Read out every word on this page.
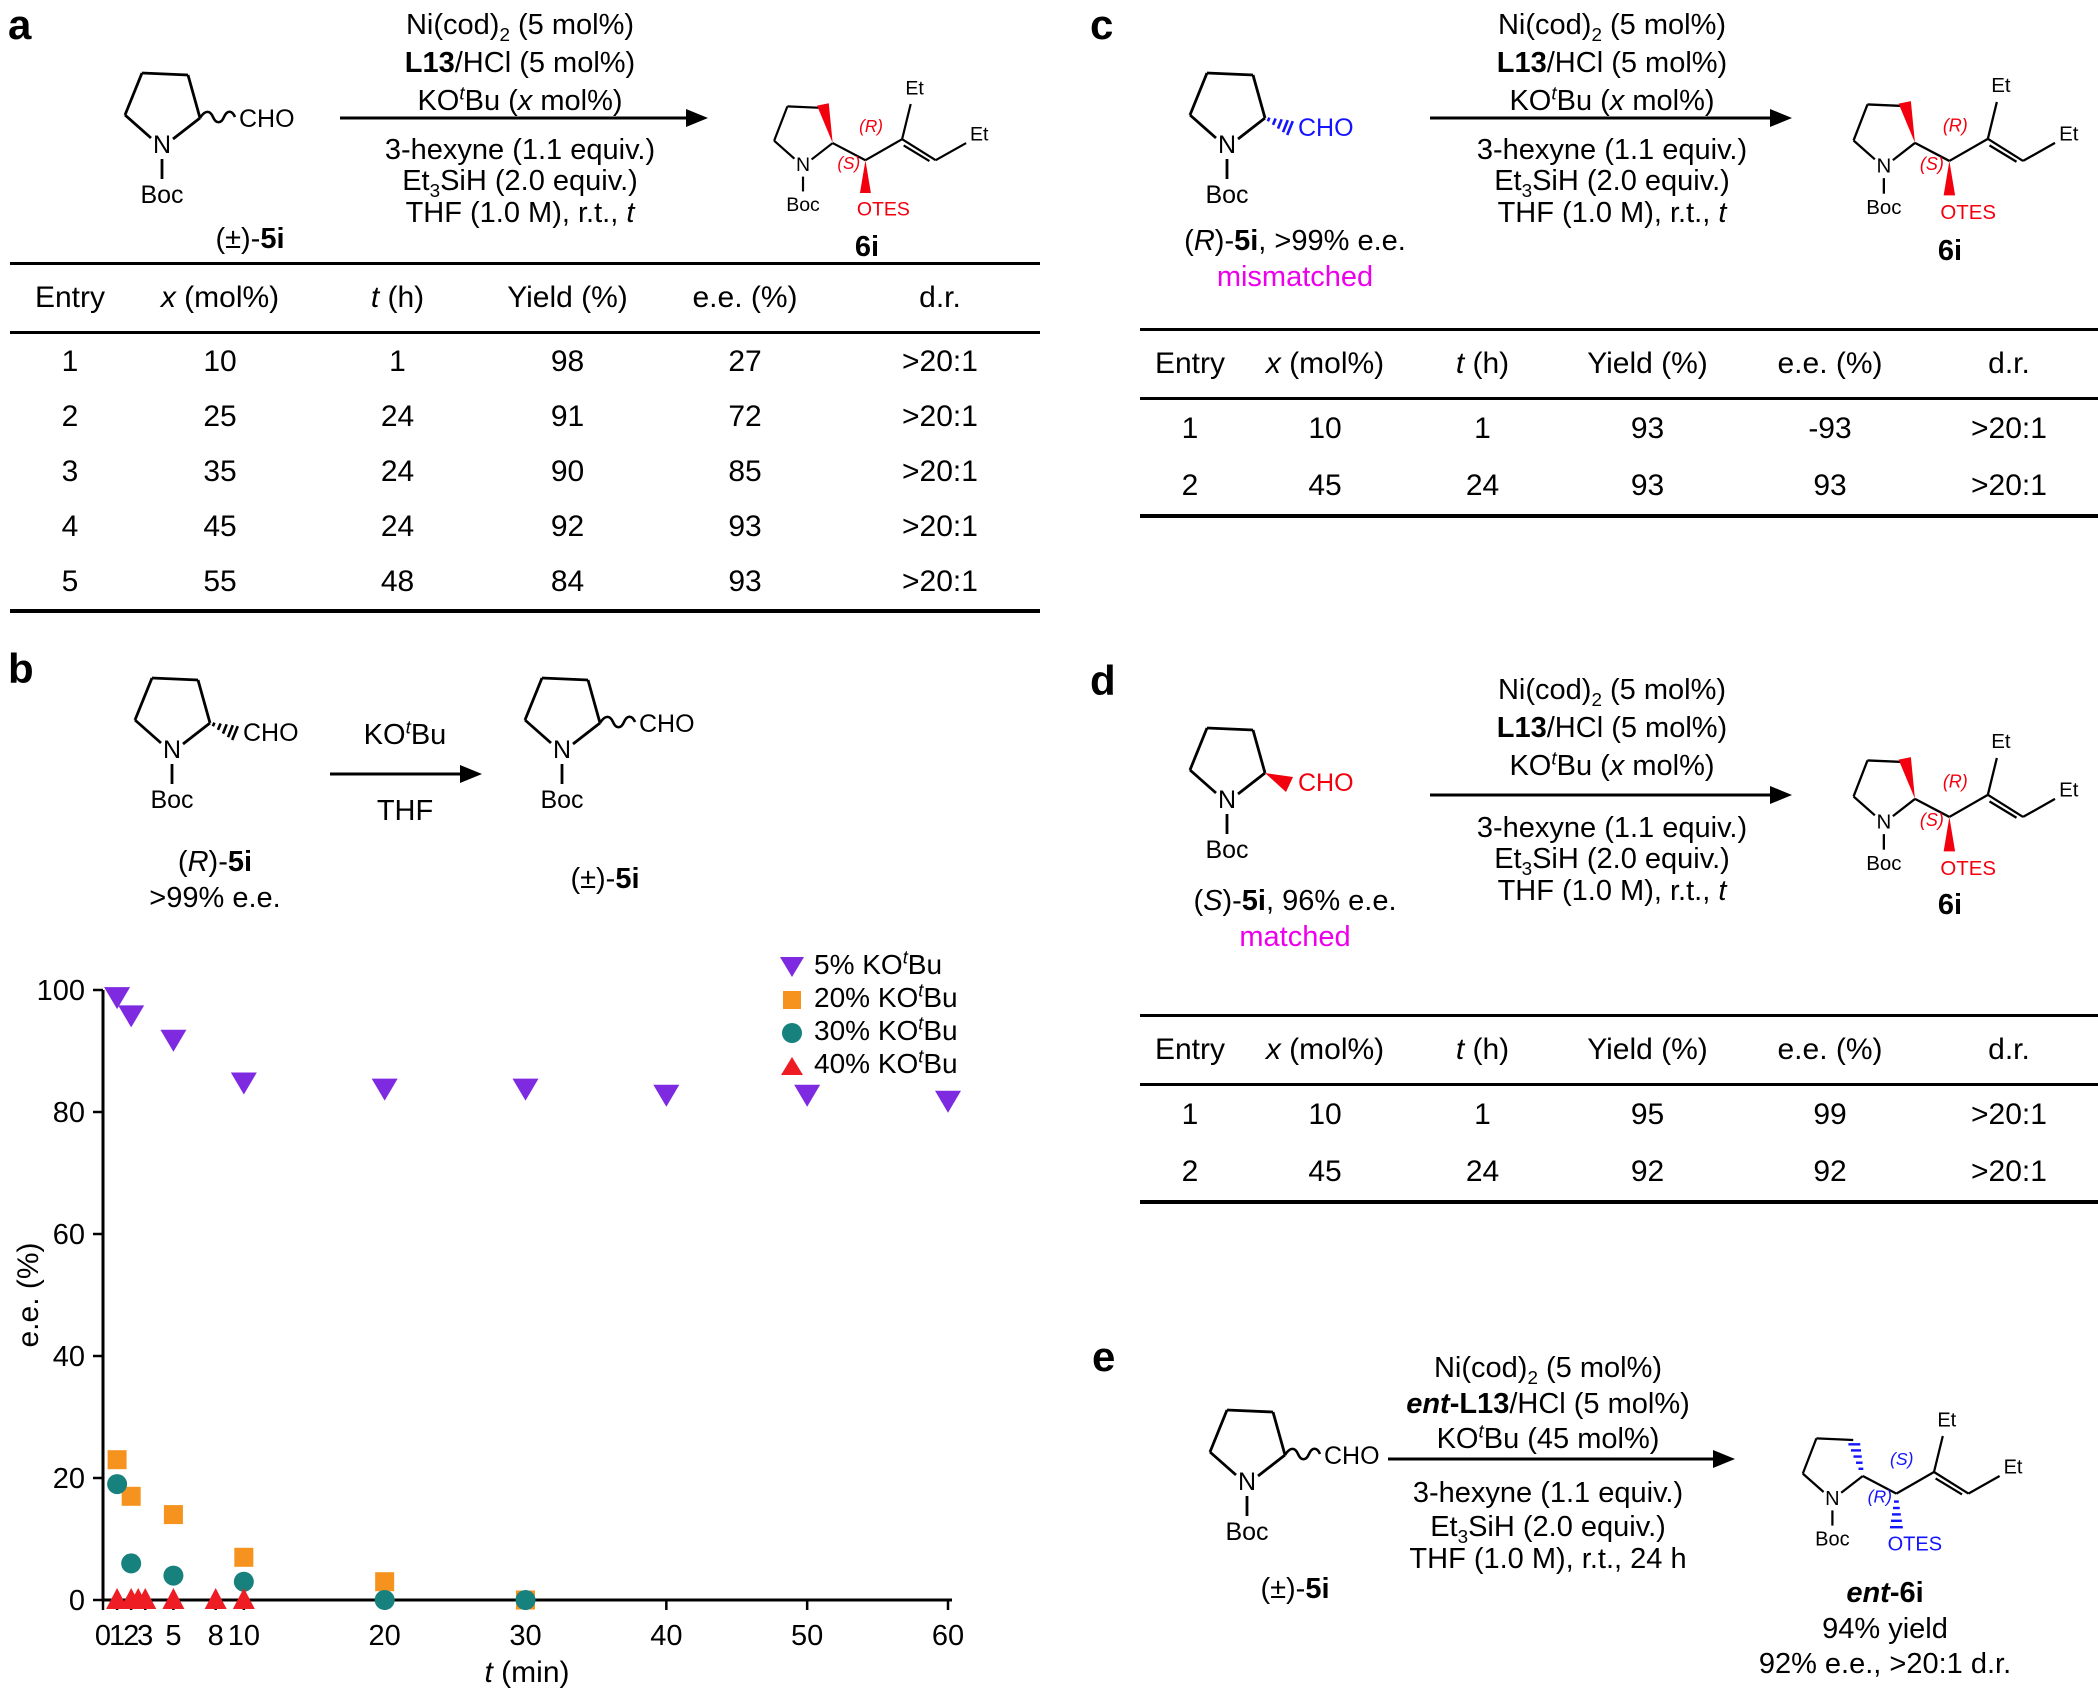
a
N
Boc
CHO
(±)-5i
$Ni(cod)_2$ (5 mol%)
L13/HCl (5 mol%)
$KO^tBu$ (x mol%)
3-hexyne (1.1 equiv.)
$Et_3SiH$ (2.0 equiv.)
THF (1.0 M), r.t., t
N
Boc
(S)
(R)
OTES
Et
Et
6i
Entry	x (mol%)	t (h)	Yield (%)	e.e. (%)	d.r.
1	10	1	98	27	>20:1
2	25	24	91	72	>20:1
3	35	24	90	85	>20:1
4	45	24	92	93	>20:1
5	55	48	84	93	>20:1
b
N
Boc
CHO
(R)-5i
>99% e.e.
$KO^tBu$
THF
N
Boc
CHO
(±)-5i
0
20
40
60
80
100
0
1
2
3 5 8 10	20	30	40	50	60
e.e. (%)
t (min)
5% $KO^tBu$
20% $KO^tBu$
30% $KO^tBu$
40% $KO^tBu$
c
N
Boc
CHO
(R)-5i, >99% e.e.
mismatched
$Ni(cod)_2$ (5 mol%)
L13/HCl (5 mol%)
$KO^tBu$ (x mol%)
3-hexyne (1.1 equiv.)
$Et_3SiH$ (2.0 equiv.)
THF (1.0 M), r.t., t
N
Boc
(S)
(R)
OTES
Et
Et
6i
Entry	x (mol%)	t (h)	Yield (%)	e.e. (%)	d.r.
1	10	1	93	-93	>20:1
2	45	24	93	93	>20:1
d
N
Boc
CHO
(S)-5i, 96% e.e.
matched
$Ni(cod)_2$ (5 mol%)
L13/HCl (5 mol%)
$KO^tBu$ (x mol%)
3-hexyne (1.1 equiv.)
$Et_3SiH$ (2.0 equiv.)
THF (1.0 M), r.t., t
N
Boc
(S)
(R)
OTES
Et
Et
6i
Entry	x (mol%)	t (h)	Yield (%)	e.e. (%)	d.r.
1	10	1	95	99	>20:1
2	45	24	92	92	>20:1
e
N
Boc
CHO
(±)-5i
$Ni(cod)_2$ (5 mol%)
ent-L13/HCl (5 mol%)
$KO^tBu$ (45 mol%)
3-hexyne (1.1 equiv.)
$Et_3SiH$ (2.0 equiv.)
THF (1.0 M), r.t., 24 h
N
Boc
(R)
(S)
OTES
Et
Et
ent-6i
94% yield
92% e.e., >20:1 d.r.
